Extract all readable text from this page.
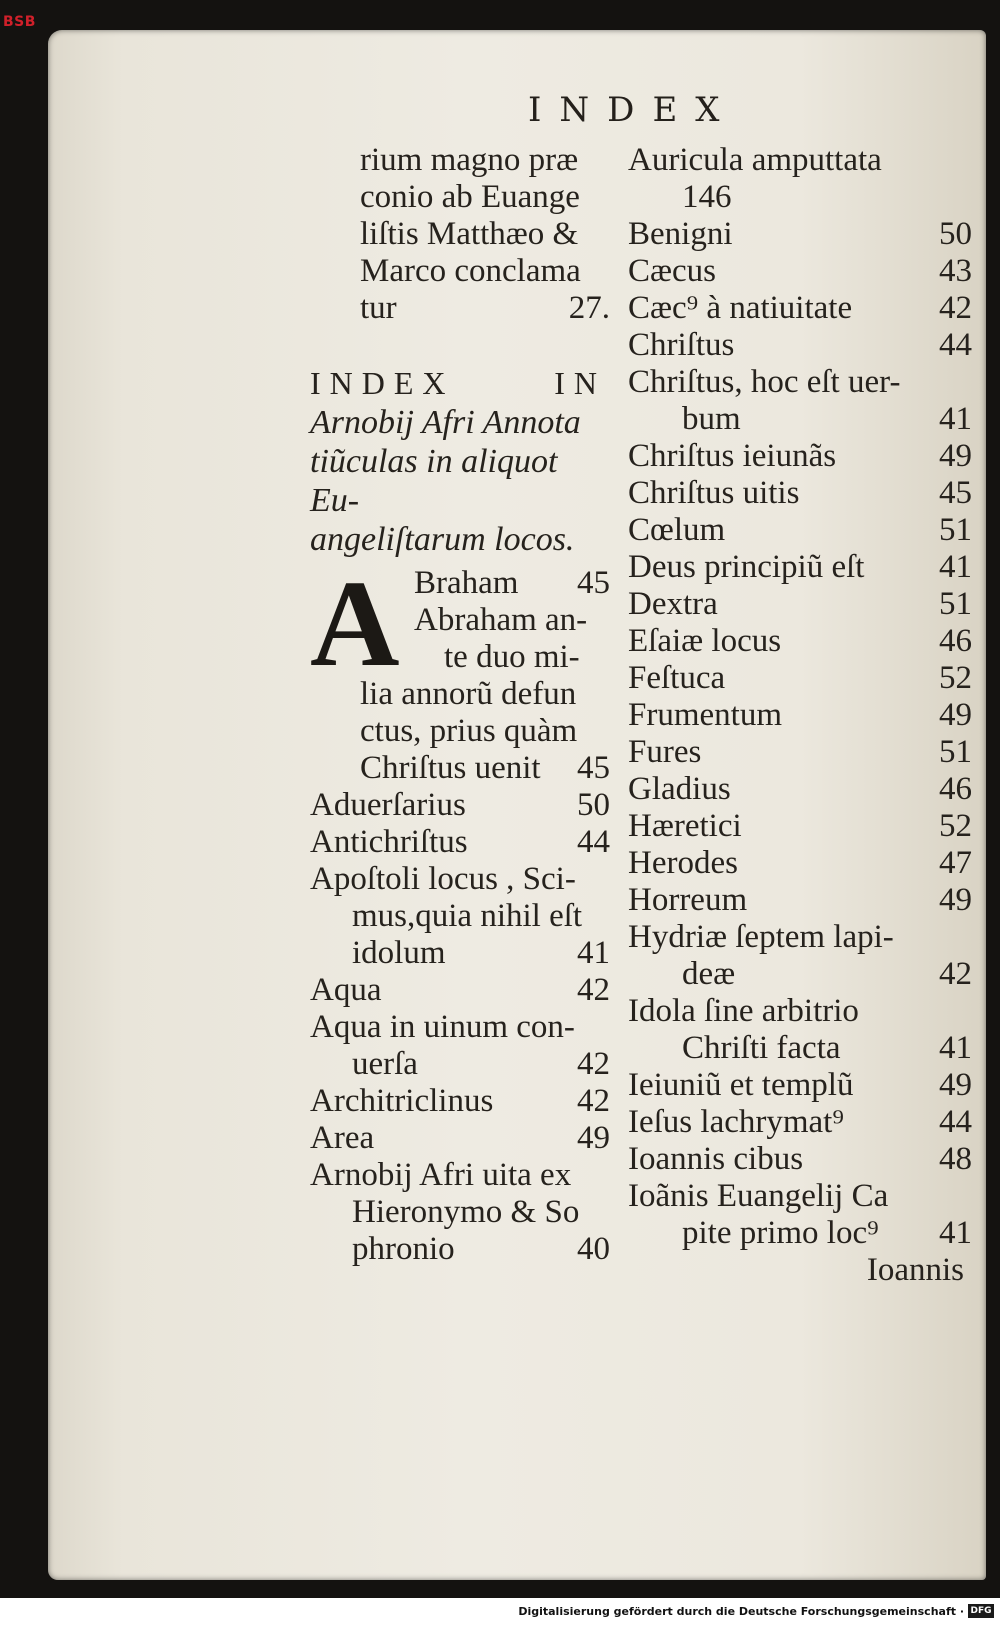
BSB
INDEX
rium magno præ
conio ab Euange
liſtis Matthæo &
Marco conclama
tur	27.
INDEX	IN
Arnobij Afri Annota
tiũculas in aliquot Eu-
angeliſtarum locos.
A Braham 45
Abraham an-
te duo mi-
lia annorũ defun
ctus, prius quàm
Chriſtus uenit 45
Aduerſarius	50
Antichriſtus	44
Apoſtoli locus , Sci-
mus,quia nihil eſt
idolum	41
Aqua	42
Aqua in uinum con-
uerſa	42
Architriclinus	42
Area	49
Arnobij Afri uita ex
Hieronymo & So
phronio	40
Auricula amputtata
146
Benigni	50
Cæcus	43
Cæc⁹ à natiuitate	42
Chriſtus	44
Chriſtus, hoc eſt uer-
bum	41
Chriſtus ieiunãs	49
Chriſtus uitis	45
Cœlum	51
Deus principiũ eſt	41
Dextra	51
Eſaiæ locus	46
Feſtuca	52
Frumentum	49
Fures	51
Gladius	46
Hæretici	52
Herodes	47
Horreum	49
Hydriæ ſeptem lapi-
deæ	42
Idola ſine arbitrio
Chriſti facta	41
Ieiuniũ et templũ	49
Ieſus lachrymat⁹	44
Ioannis cibus	48
Ioãnis Euangelij Ca
pite primo loc⁹ 41
Ioannis
Digitalisierung gefördert durch die Deutsche Forschungsgemeinschaft · DFG
